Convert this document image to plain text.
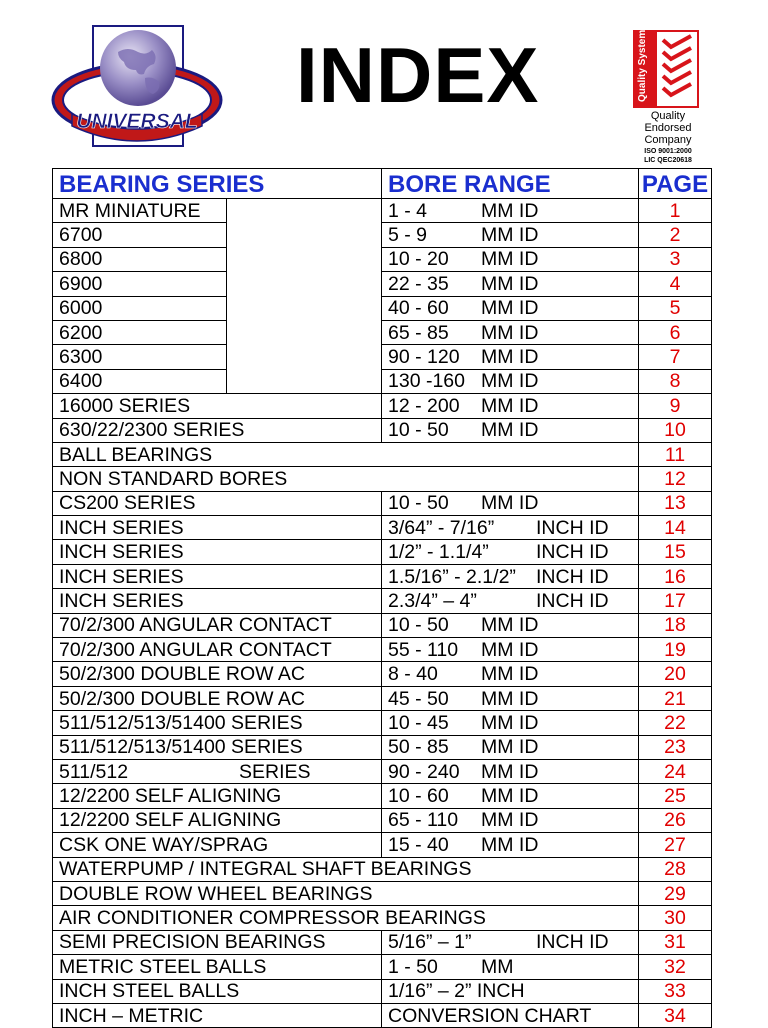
UNIVERSAL
INDEX	Quality System
Quality
Endorsed
Company
ISO 9001:2000
LIC QEC20618
BEARING SERIES		BORE RANGE	PAGE
MR MINIATURE		1 - 4 MM ID	1
6700		5 - 9 MM ID	2
6800		10 - 20 MM ID	3
6900		22 - 35 MM ID	4
6000		40 - 60 MM ID	5
6200		65 - 85 MM ID	6
6300		90 - 120 MM ID	7
6400		130 -160 MM ID	8
16000 SERIES		12 - 200 MM ID	9
630/22/2300 SERIES		10 - 50 MM ID	10
BALL BEARINGS			11
NON STANDARD BORES			12
CS200 SERIES		10 - 50 MM ID	13
INCH SERIES		3/64” - 7/16” INCH ID	14
INCH SERIES		1/2” - 1.1/4” INCH ID	15
INCH SERIES		1.5/16” - 2.1/2” INCH ID	16
INCH SERIES		2.3/4” – 4” INCH ID	17
70/2/300 ANGULAR CONTACT		10 - 50 MM ID	18
70/2/300 ANGULAR CONTACT		55 - 110 MM ID	19
50/2/300 DOUBLE ROW AC		8 - 40 MM ID	20
50/2/300 DOUBLE ROW AC		45 - 50 MM ID	21
511/512/513/51400 SERIES		10 - 45 MM ID	22
511/512/513/51400 SERIES		50 - 85 MM ID	23
511/512 SERIES		90 - 240 MM ID	24
12/2200 SELF ALIGNING		10 - 60 MM ID	25
12/2200 SELF ALIGNING		65 - 110 MM ID	26
CSK ONE WAY/SPRAG		15 - 40 MM ID	27
WATERPUMP / INTEGRAL SHAFT BEARINGS			28
DOUBLE ROW WHEEL BEARINGS			29
AIR CONDITIONER COMPRESSOR BEARINGS			30
SEMI PRECISION BEARINGS		5/16” – 1” INCH ID	31
METRIC STEEL BALLS		1 - 50 MM	32
INCH STEEL BALLS		1/16” – 2” INCH	33
INCH – METRIC		CONVERSION CHART	34
